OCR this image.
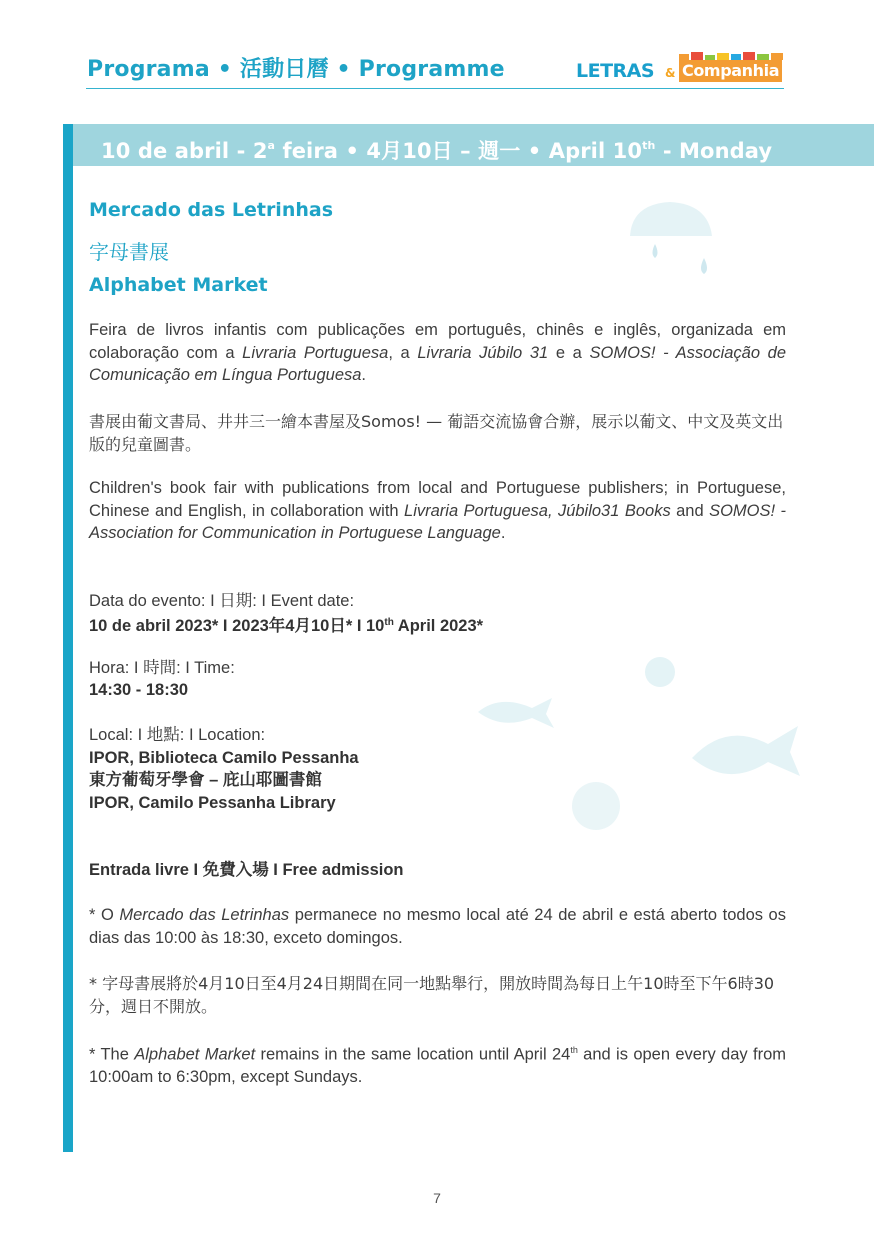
Programa • 活動日曆 • Programme	LETRAS & Companhia
10 de abril - 2$^a$ feira • 4月10日 – 週一 • April 10th - Monday
Mercado das Letrinhas
字母書展
Alphabet Market
Feira de livros infantis com publicações em português, chinês e inglês, organizada em colaboração com a Livraria Portuguesa, a Livraria Júbilo 31 e a SOMOS! - Associação de Comunicação em Língua Portuguesa.
書展由葡文書局、井井三一繪本書屋及Somos! — 葡語交流協會合辦，展示以葡文、中文及英文出版的兒童圖書。
Children's book fair with publications from local and Portuguese publishers; in Portuguese, Chinese and English, in collaboration with Livraria Portuguesa, Júbilo31 Books and SOMOS! - Association for Communication in Portuguese Language.
Data do evento: I 日期: I Event date:
10 de abril 2023* I 2023年4月10日* I 10th April 2023*
Hora: I 時間: I Time:
14:30 - 18:30
Local: I 地點: I Location:
IPOR, Biblioteca Camilo Pessanha
東方葡萄牙學會 – 庇山耶圖書館
IPOR, Camilo Pessanha Library
Entrada livre I 免費入場 I Free admission
* O Mercado das Letrinhas permanece no mesmo local até 24 de abril e está aberto todos os dias das 10:00 às 18:30, exceto domingos.
* 字母書展將於4月10日至4月24日期間在同一地點舉行，開放時間為每日上午10時至下午6時30分，週日不開放。
* The Alphabet Market remains in the same location until April 24th and is open every day from 10:00am to 6:30pm, except Sundays.
7
